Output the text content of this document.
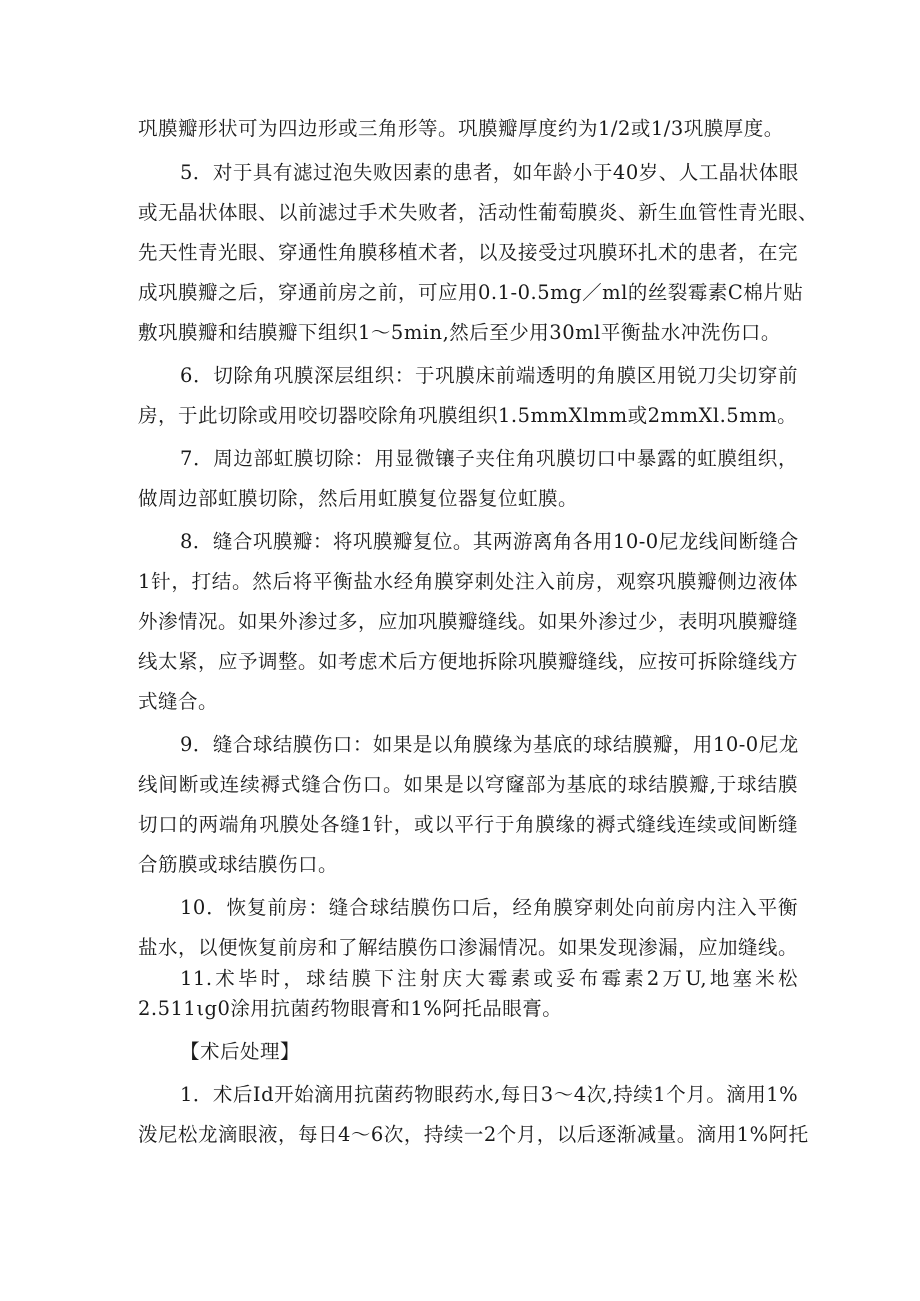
巩膜瓣形状可为四边形或三角形等。巩膜瓣厚度约为1/2或1/3巩膜厚度。
5．对于具有滤过泡失败因素的患者，如年龄小于40岁、人工晶状体眼
或无晶状体眼、以前滤过手术失败者，活动性葡萄膜炎、新生血管性青光眼、
先天性青光眼、穿通性角膜移植术者，以及接受过巩膜环扎术的患者，在完
成巩膜瓣之后，穿通前房之前，可应用0.1-0.5mg／ml的丝裂霉素C棉片贴
敷巩膜瓣和结膜瓣下组织1～5min,然后至少用30ml平衡盐水冲洗伤口。
6．切除角巩膜深层组织：于巩膜床前端透明的角膜区用锐刀尖切穿前
房，于此切除或用咬切器咬除角巩膜组织1.5mmXlmm或2mmXl.5mm。
7．周边部虹膜切除：用显微镶子夹住角巩膜切口中暴露的虹膜组织，
做周边部虹膜切除，然后用虹膜复位器复位虹膜。
8．缝合巩膜瓣：将巩膜瓣复位。其两游离角各用10-0尼龙线间断缝合
1针，打结。然后将平衡盐水经角膜穿刺处注入前房，观察巩膜瓣侧边液体
外渗情况。如果外渗过多，应加巩膜瓣缝线。如果外渗过少，表明巩膜瓣缝
线太紧，应予调整。如考虑术后方便地拆除巩膜瓣缝线，应按可拆除缝线方
式缝合。
9．缝合球结膜伤口：如果是以角膜缘为基底的球结膜瓣，用10-0尼龙
线间断或连续褥式缝合伤口。如果是以穹窿部为基底的球结膜瓣,于球结膜
切口的两端角巩膜处各缝1针，或以平行于角膜缘的褥式缝线连续或间断缝
合筋膜或球结膜伤口。
10．恢复前房：缝合球结膜伤口后，经角膜穿刺处向前房内注入平衡
盐水，以便恢复前房和了解结膜伤口渗漏情况。如果发现渗漏，应加缝线。
11.术毕时，球结膜下注射庆大霉素或妥布霉素2万U,地塞米松
2.511ιg0涂用抗菌药物眼膏和1%阿托品眼膏。
【术后处理】
1．术后Id开始滴用抗菌药物眼药水,每日3～4次,持续1个月。滴用1%
泼尼松龙滴眼液，每日4～6次，持续一2个月，以后逐渐减量。滴用1%阿托
